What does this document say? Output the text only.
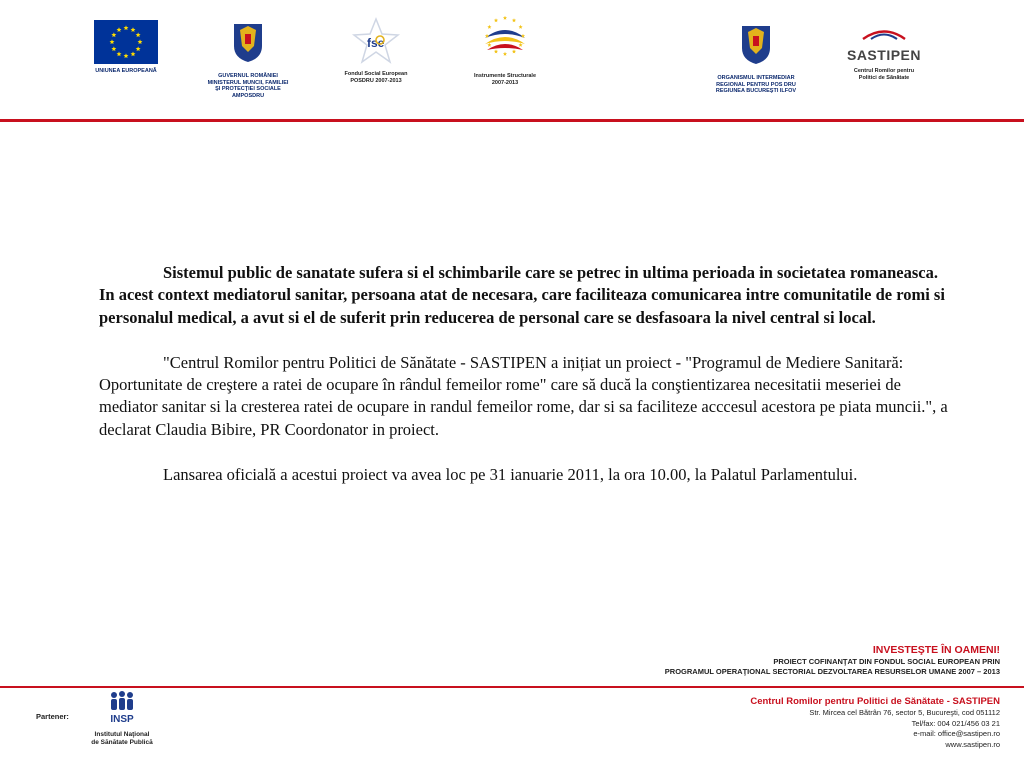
UNIUNEA EUROPEANĂ
GUVERNUL ROMÂNIEI
MINISTERUL MUNCII, FAMILIEI
ŞI PROTECŢIEI SOCIALE
AMPOSDRU
fse
Fondul Social European
POSDRU 2007-2013
Instrumente Structurale
2007-2013
ORGANISMUL INTERMEDIAR
REGIONAL PENTRU POS DRU
REGIUNEA BUCUREŞTI ILFOV
SASTIPEN
Centrul Romilor pentru
Politici de Sănătate

Sistemul public de sanatate sufera si el schimbarile care se petrec in ultima perioada in societatea romaneasca. In acest context mediatorul sanitar, persoana atat de necesara, care faciliteaza comunicarea intre comunitatile de romi si personalul medical, a avut si el de suferit prin reducerea de personal care se desfasoara la nivel central si local.

"Centrul Romilor pentru Politici de Sănătate - SASTIPEN a inițiat un proiect - "Programul de Mediere Sanitară: Oportunitate de creştere a ratei de ocupare în rândul femeilor rome" care să ducă la conştientizarea necesitatii meseriei de mediator sanitar si la cresterea ratei de ocupare in randul femeilor rome, dar si sa faciliteze acccesul acestora pe piata muncii.", a declarat Claudia Bibire, PR Coordonator in proiect.

Lansarea oficială a acestui proiect va avea loc pe 31 ianuarie 2011, la ora 10.00, la Palatul Parlamentului.

INVESTEŞTE ÎN OAMENI!
PROIECT COFINANŢAT DIN FONDUL SOCIAL EUROPEAN PRIN
PROGRAMUL OPERAŢIONAL SECTORIAL DEZVOLTAREA RESURSELOR UMANE 2007 – 2013
Partener:	INSP
Institutul Naţional
de Sănătate Publică
Centrul Romilor pentru Politici de Sănătate - SASTIPEN
Str. Mircea cel Bătrân 76, sector 5, Bucureşti, cod 051112
Tel/fax: 004 021/456 03 21
e-mail: office@sastipen.ro
www.sastipen.ro
